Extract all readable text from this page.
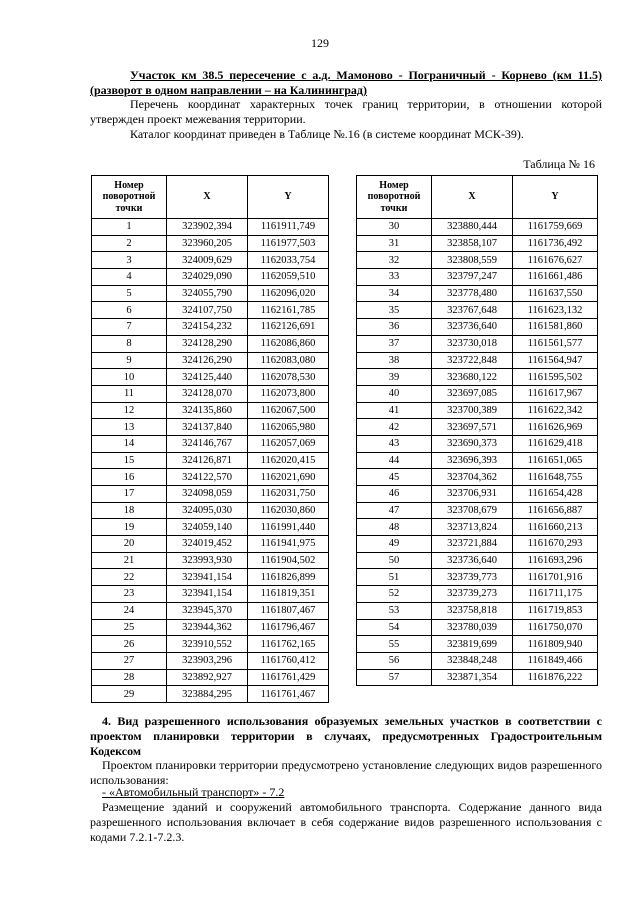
129

Участок км 38.5 пересечение с а.д. Мамоново - Пограничный - Корнево (км 11.5) (разворот в одном направлении – на Калининград)

Перечень координат характерных точек границ территории, в отношении которой утвержден проект межевания территории.

Каталог координат приведен в Таблице №.16 (в системе координат МСК-39).

Таблица № 16
Номер поворотной точки	X	Y
1	323902,394	1161911,749
2	323960,205	1161977,503
3	324009,629	1162033,754
4	324029,090	1162059,510
5	324055,790	1162096,020
6	324107,750	1162161,785
7	324154,232	1162126,691
8	324128,290	1162086,860
9	324126,290	1162083,080
10	324125,440	1162078,530
11	324128,070	1162073,800
12	324135,860	1162067,500
13	324137,840	1162065,980
14	324146,767	1162057,069
15	324126,871	1162020,415
16	324122,570	1162021,690
17	324098,059	1162031,750
18	324095,030	1162030,860
19	324059,140	1161991,440
20	324019,452	1161941,975
21	323993,930	1161904,502
22	323941,154	1161826,899
23	323941,154	1161819,351
24	323945,370	1161807,467
25	323944,362	1161796,467
26	323910,552	1161762,165
27	323903,296	1161760,412
28	323892,927	1161761,429
29	323884,295	1161761,467
Номер поворотной точки	X	Y
30	323880,444	1161759,669
31	323858,107	1161736,492
32	323808,559	1161676,627
33	323797,247	1161661,486
34	323778,480	1161637,550
35	323767,648	1161623,132
36	323736,640	1161581,860
37	323730,018	1161561,577
38	323722,848	1161564,947
39	323680,122	1161595,502
40	323697,085	1161617,967
41	323700,389	1161622,342
42	323697,571	1161626,969
43	323690,373	1161629,418
44	323696,393	1161651,065
45	323704,362	1161648,755
46	323706,931	1161654,428
47	323708,679	1161656,887
48	323713,824	1161660,213
49	323721,884	1161670,293
50	323736,640	1161693,296
51	323739,773	1161701,916
52	323739,273	1161711,175
53	323758,818	1161719,853
54	323780,039	1161750,070
55	323819,699	1161809,940
56	323848,248	1161849,466
57	323871,354	1161876,222

4. Вид разрешенного использования образуемых земельных участков в соответствии с проектом планировки территории в случаях, предусмотренных Градостроительным Кодексом

Проектом планировки территории предусмотрено установление следующих видов разрешенного использования:

- «Автомобильный транспорт» - 7.2

Размещение зданий и сооружений автомобильного транспорта. Содержание данного вида разрешенного использования включает в себя содержание видов разрешенного использования с кодами 7.2.1-7.2.3.
